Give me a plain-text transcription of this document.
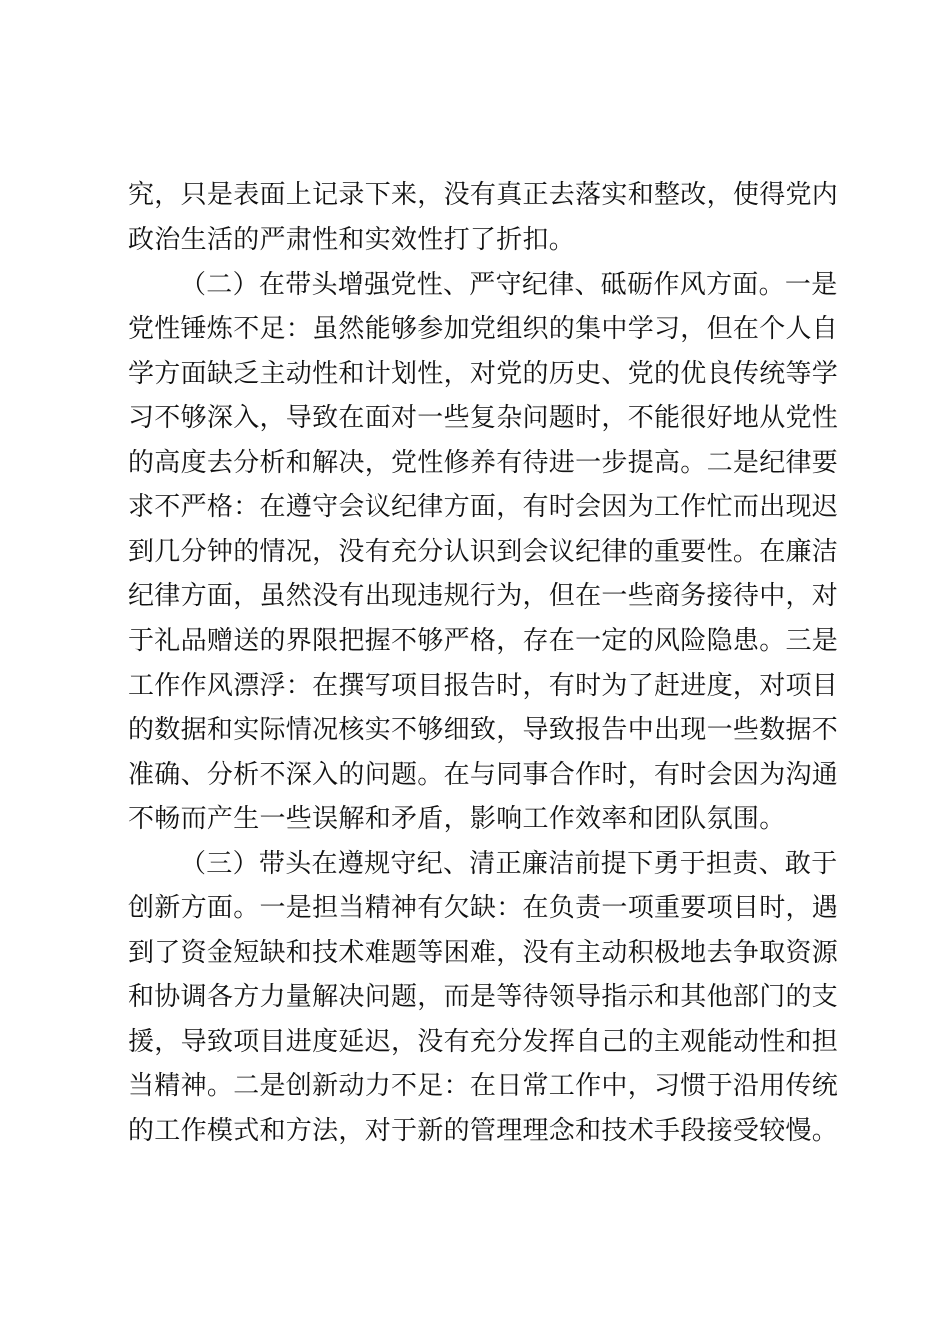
究，只是表面上记录下来，没有真正去落实和整改，使得党内
政治生活的严肃性和实效性打了折扣。
（二）在带头增强党性、严守纪律、砥砺作风方面。一是
党性锤炼不足：虽然能够参加党组织的集中学习，但在个人自
学方面缺乏主动性和计划性，对党的历史、党的优良传统等学
习不够深入，导致在面对一些复杂问题时，不能很好地从党性
的高度去分析和解决，党性修养有待进一步提高。二是纪律要
求不严格：在遵守会议纪律方面，有时会因为工作忙而出现迟
到几分钟的情况，没有充分认识到会议纪律的重要性。在廉洁
纪律方面，虽然没有出现违规行为，但在一些商务接待中，对
于礼品赠送的界限把握不够严格，存在一定的风险隐患。三是
工作作风漂浮：在撰写项目报告时，有时为了赶进度，对项目
的数据和实际情况核实不够细致，导致报告中出现一些数据不
准确、分析不深入的问题。在与同事合作时，有时会因为沟通
不畅而产生一些误解和矛盾，影响工作效率和团队氛围。
（三）带头在遵规守纪、清正廉洁前提下勇于担责、敢于
创新方面。一是担当精神有欠缺：在负责一项重要项目时，遇
到了资金短缺和技术难题等困难，没有主动积极地去争取资源
和协调各方力量解决问题，而是等待领导指示和其他部门的支
援，导致项目进度延迟，没有充分发挥自己的主观能动性和担
当精神。二是创新动力不足：在日常工作中，习惯于沿用传统
的工作模式和方法，对于新的管理理念和技术手段接受较慢。
